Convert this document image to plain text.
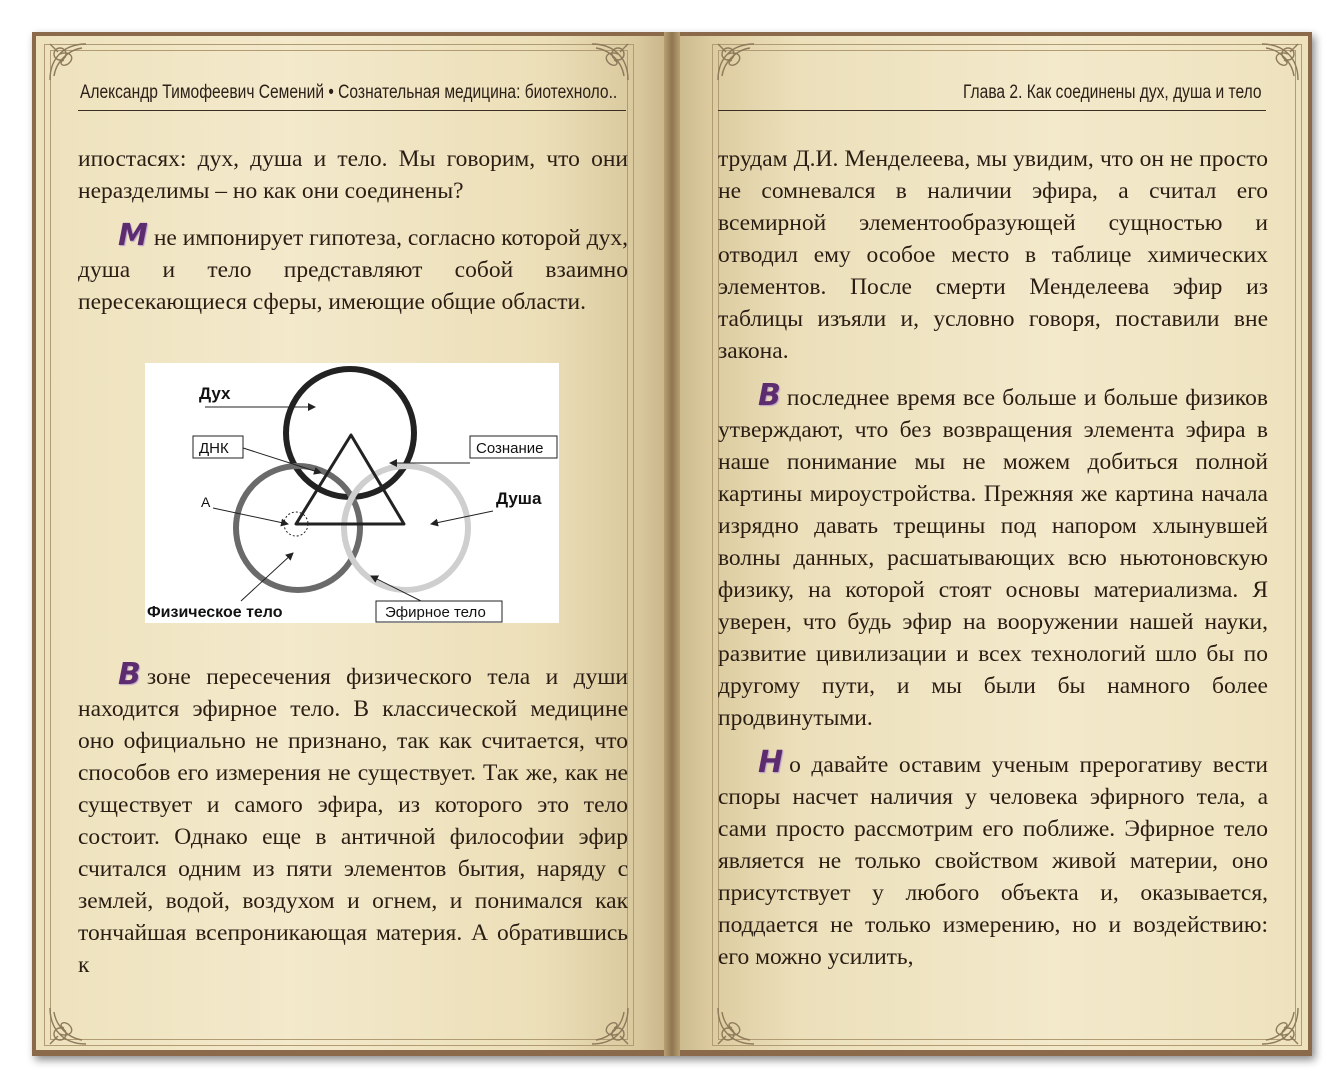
Александр Тимофеевич Семений • Сознательная медицина: биотехноло..	Глава 2. Как соединены дух, душа и тело

ипостасях: дух, душа и тело. Мы говорим, что они неразделимы – но как они соединены?

М не импонирует гипотеза, согласно которой дух, душа и тело представляют собой взаимно пересекающиеся сферы, имеющие общие области.

Дух
ДНК	Сознание
А	Душа
Физическое тело	Эфирное тело

В зоне пересечения физического тела и души находится эфирное тело. В классической медицине оно официально не признано, так как считается, что способов его измерения не существует. Так же, как не существует и самого эфира, из которого это тело состоит. Однако еще в античной философии эфир считался одним из пяти элементов бытия, наряду с землей, водой, воздухом и огнем, и понимался как тончайшая всепроникающая материя. А обратившись к

трудам Д.И. Менделеева, мы увидим, что он не просто не сомневался в наличии эфира, а считал его всемирной элементообразующей сущностью и отводил ему особое место в таблице химических элементов. После смерти Менделеева эфир из таблицы изъяли и, условно говоря, поставили вне закона.

В последнее время все больше и больше физиков утверждают, что без возвращения элемента эфира в наше понимание мы не можем добиться полной картины мироустройства. Прежняя же картина начала изрядно давать трещины под напором хлынувшей волны данных, расшатывающих всю ньютоновскую физику, на которой стоят основы материализма. Я уверен, что будь эфир на вооружении нашей науки, развитие цивилизации и всех технологий шло бы по другому пути, и мы были бы намного более продвинутыми.

Н о давайте оставим ученым прерогативу вести споры насчет наличия у человека эфирного тела, а сами просто рассмотрим его поближе. Эфирное тело является не только свойством живой материи, оно присутствует у любого объекта и, оказывается, поддается не только измерению, но и воздействию: его можно усилить,
